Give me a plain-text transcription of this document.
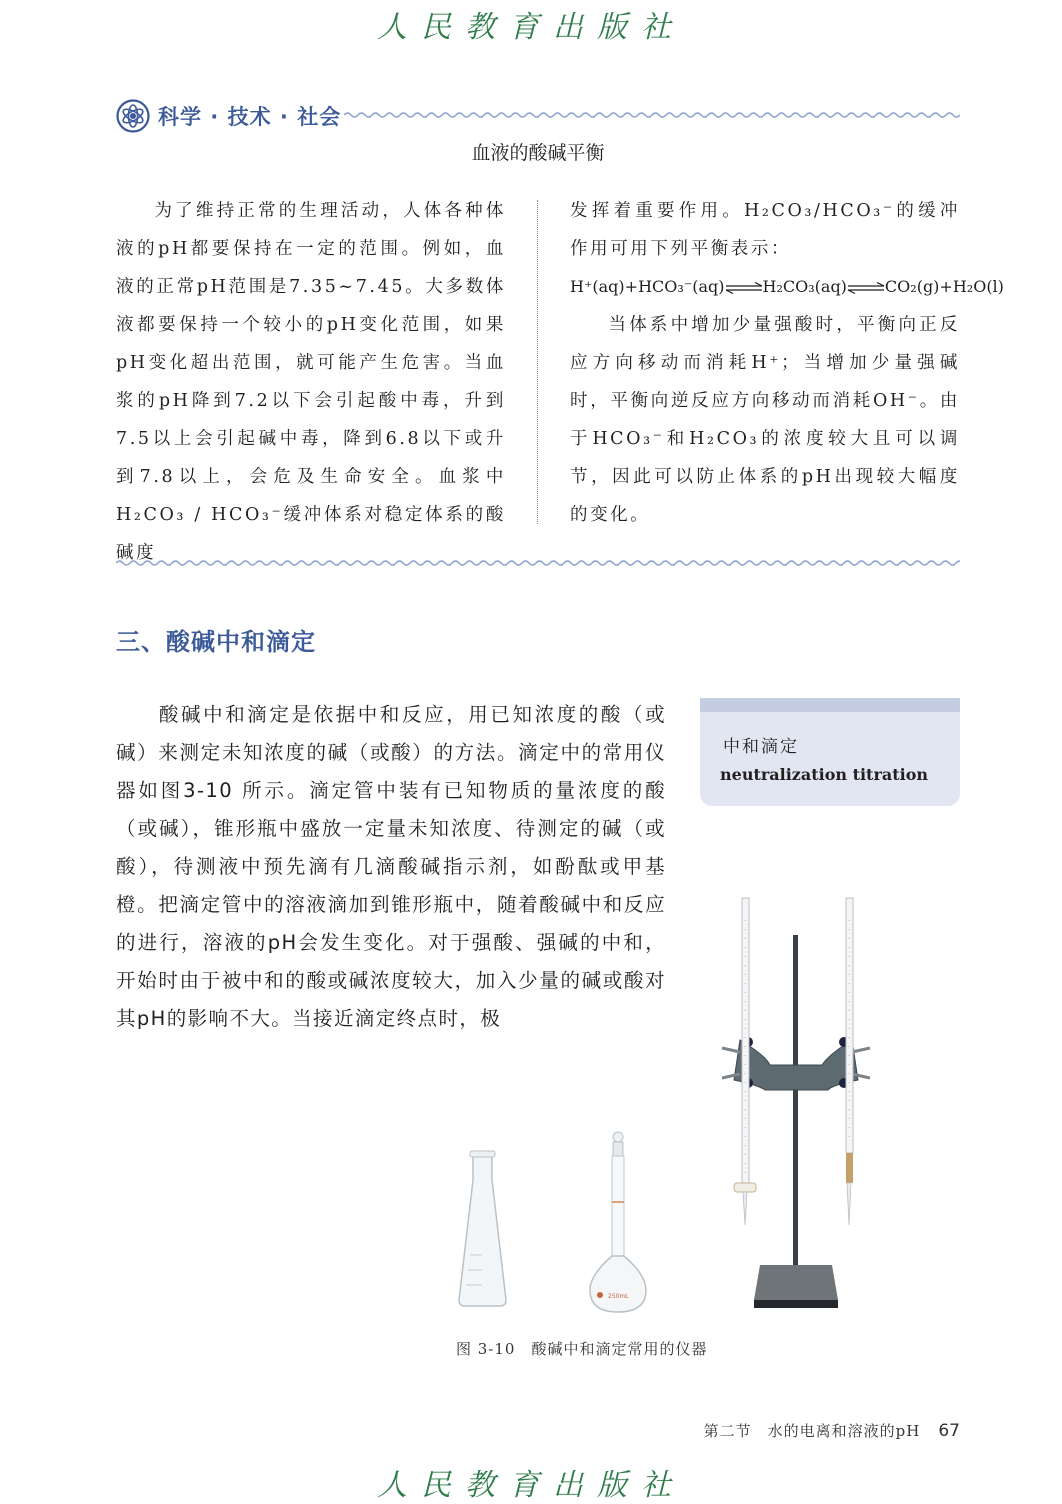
人民教育出版社
科学 · 技术 · 社会
血液的酸碱平衡

为了维持正常的生理活动，人体各种体液的pH都要保持在一定的范围。例如，血液的正常pH范围是7.35~7.45。大多数体液都要保持一个较小的pH变化范围，如果pH变化超出范围，就可能产生危害。当血浆的pH降到7.2以下会引起酸中毒，升到7.5以上会引起碱中毒，降到6.8以下或升到7.8以上，会危及生命安全。血浆中H₂CO₃ / HCO₃⁻缓冲体系对稳定体系的酸碱度

发挥着重要作用。H₂CO₃/HCO₃⁻的缓冲作用可用下列平衡表示：

H⁺(aq)+HCO₃⁻(aq)⇌H₂CO₃(aq)⇌CO₂(g)+H₂O(l)

当体系中增加少量强酸时，平衡向正反应方向移动而消耗H⁺；当增加少量强碱时，平衡向逆反应方向移动而消耗OH⁻。由于HCO₃⁻和H₂CO₃的浓度较大且可以调节，因此可以防止体系的pH出现较大幅度的变化。

三、酸碱中和滴定

酸碱中和滴定是依据中和反应，用已知浓度的酸（或碱）来测定未知浓度的碱（或酸）的方法。滴定中的常用仪器如图3-10 所示。滴定管中装有已知物质的量浓度的酸（或碱），锥形瓶中盛放一定量未知浓度、待测定的碱（或酸），待测液中预先滴有几滴酸碱指示剂，如酚酞或甲基橙。把滴定管中的溶液滴加到锥形瓶中，随着酸碱中和反应的进行，溶液的pH会发生变化。对于强酸、强碱的中和，开始时由于被中和的酸或碱浓度较大，加入少量的碱或酸对其pH的影响不大。当接近滴定终点时，极

中和滴定
neutralization titration
250mL
图 3-10 酸碱中和滴定常用的仪器
第二节 水的电离和溶液的pH 67
人民教育出版社
